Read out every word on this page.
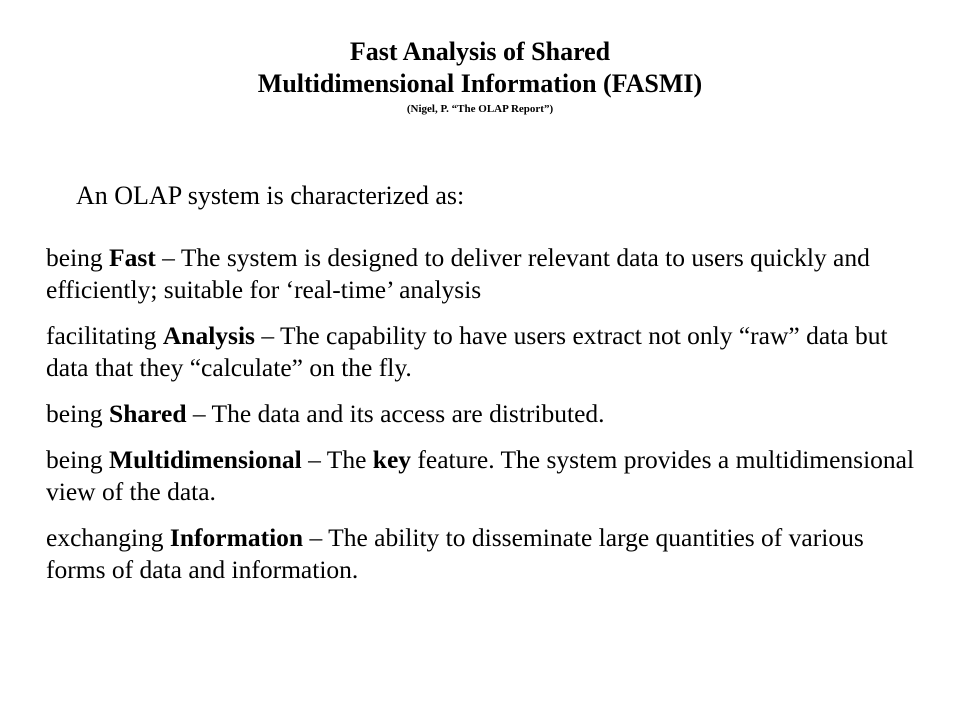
Fast Analysis of Shared

Multidimensional Information (FASMI)

(Nigel, P. “The OLAP Report”)

An OLAP system is characterized as:

being Fast – The system is designed to deliver relevant data to users quickly and efficiently; suitable for ‘real-time’ analysis
facilitating Analysis – The capability to have users extract not only “raw” data but data that they “calculate” on the fly.
being Shared – The data and its access are distributed.
being Multidimensional – The key feature. The system provides a multidimensional view of the data.
exchanging Information – The ability to disseminate large quantities of various forms of data and information.
